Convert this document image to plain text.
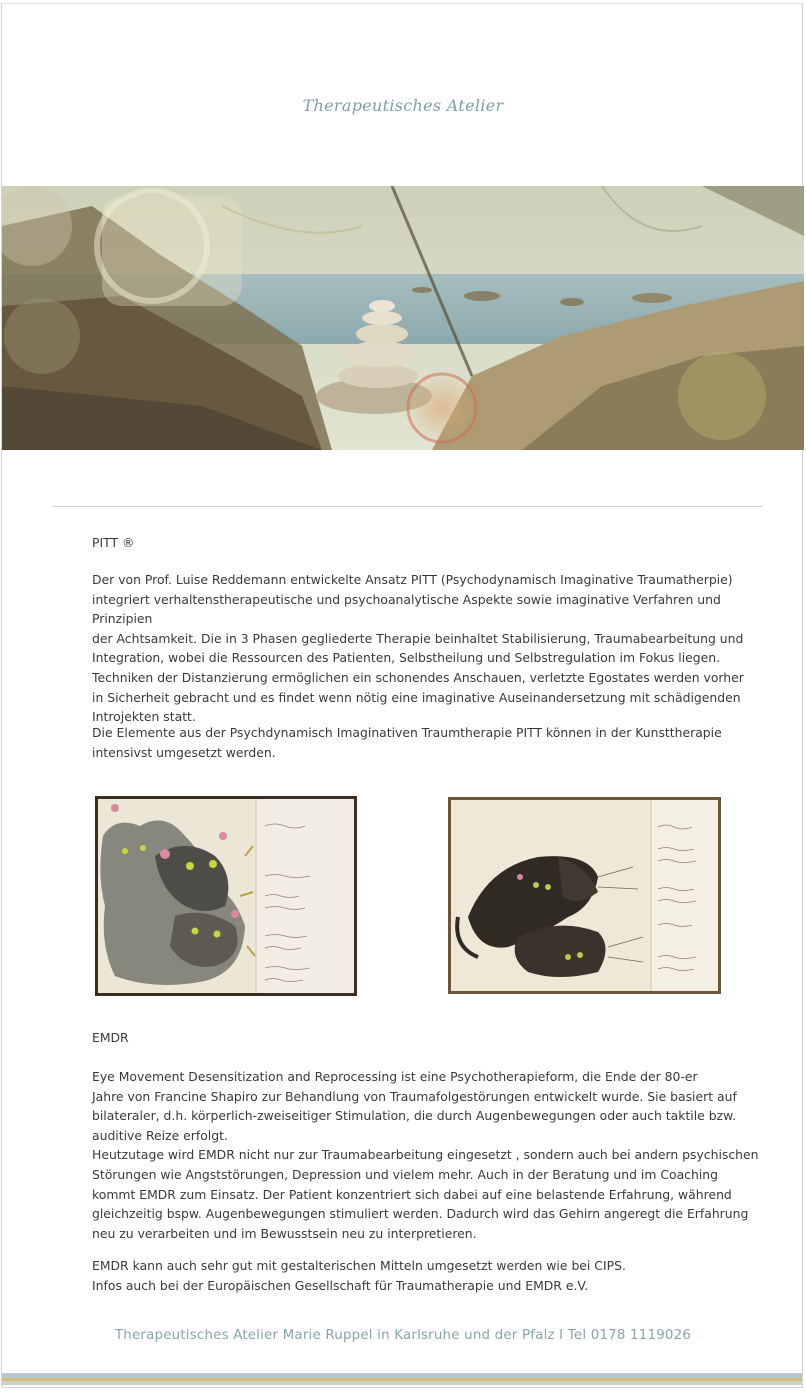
Therapeutisches Atelier
PITT ®
Der von Prof. Luise Reddemann entwickelte Ansatz PITT (Psychodynamisch Imaginative Traumatherpie)
integriert verhaltenstherapeutische und psychoanalytische Aspekte sowie imaginative Verfahren und Prinzipien
der Achtsamkeit. Die in 3 Phasen gegliederte Therapie beinhaltet Stabilisierung, Traumabearbeitung und
Integration, wobei die Ressourcen des Patienten, Selbstheilung und Selbstregulation im Fokus liegen.
Techniken der Distanzierung ermöglichen ein schonendes Anschauen, verletzte Egostates werden vorher
in Sicherheit gebracht und es findet wenn nötig eine imaginative Auseinandersetzung mit schädigenden
Introjekten statt.
Die Elemente aus der Psychdynamisch Imaginativen Traumtherapie PITT können in der Kunsttherapie
intensivst umgesetzt werden.
EMDR
Eye Movement Desensitization and Reprocessing ist eine Psychotherapieform, die Ende der 80-er
Jahre von Francine Shapiro zur Behandlung von Traumafolgestörungen entwickelt wurde. Sie basiert auf
bilateraler, d.h. körperlich-zweiseitiger Stimulation, die durch Augenbewegungen oder auch taktile bzw.
auditive Reize erfolgt.
Heutzutage wird EMDR nicht nur zur Traumabearbeitung eingesetzt , sondern auch bei andern psychischen
Störungen wie Angststörungen, Depression und vielem mehr. Auch in der Beratung und im Coaching
kommt EMDR zum Einsatz. Der Patient konzentriert sich dabei auf eine belastende Erfahrung, während
gleichzeitig bspw. Augenbewegungen stimuliert werden. Dadurch wird das Gehirn angeregt die Erfahrung
neu zu verarbeiten und im Bewusstsein neu zu interpretieren.
EMDR kann auch sehr gut mit gestalterischen Mitteln umgesetzt werden wie bei CIPS.
Infos auch bei der Europäischen Gesellschaft für Traumatherapie und EMDR e.V.
Therapeutisches Atelier Marie Ruppel in Karlsruhe und der Pfalz I Tel 0178 1119026
